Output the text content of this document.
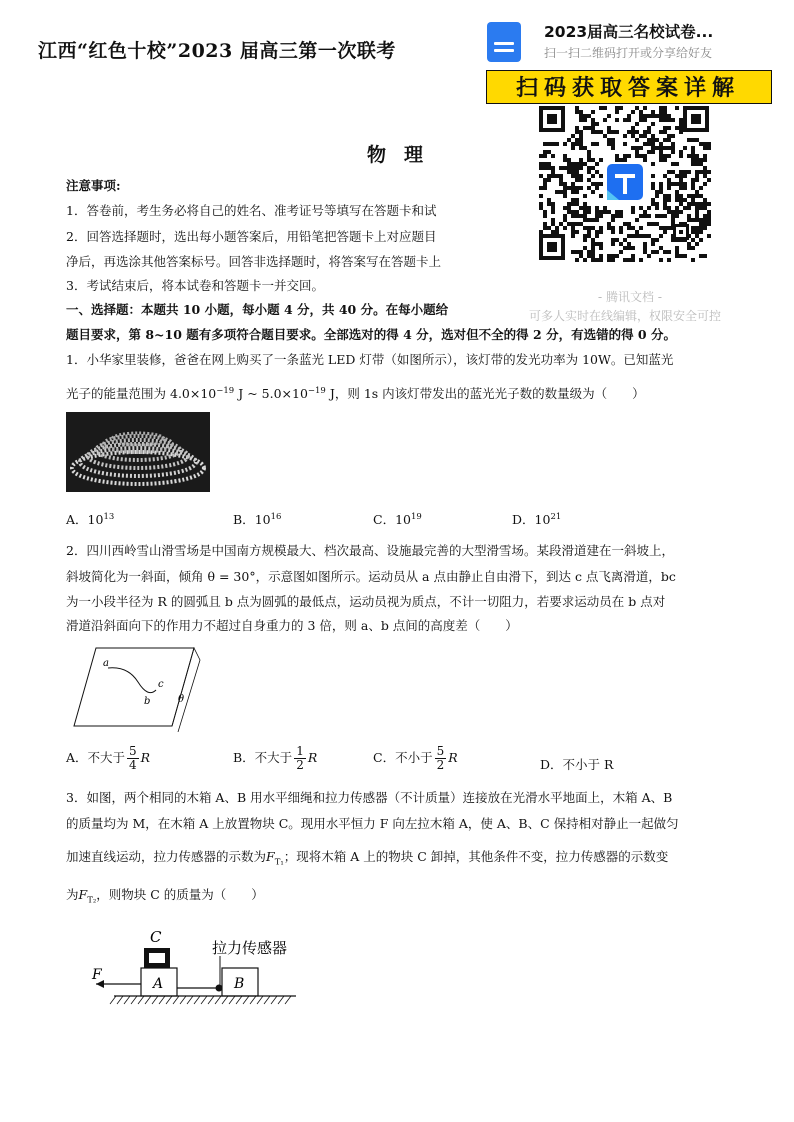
江西“红色十校”2023 届高三第一次联考
2023届高三名校试卷...
扫一扫二维码打开或分享给好友
扫码获取答案详解
- 腾讯文档 -
可多人实时在线编辑，权限安全可控
物理
注意事项:
1．答卷前，考生务必将自己的姓名、准考证号等填写在答题卡和试
2．回答选择题时，选出每小题答案后，用铅笔把答题卡上对应题目
净后，再选涂其他答案标号。回答非选择题时，将答案写在答题卡上
3．考试结束后，将本试卷和答题卡一并交回。
一、选择题：本题共 10 小题，每小题 4 分，共 40 分。在每小题给
题目要求，第 8~10 题有多项符合题目要求。全部选对的得 4 分，选对但不全的得 2 分，有选错的得 0 分。
1．小华家里装修，爸爸在网上购买了一条蓝光 LED 灯带（如图所示），该灯带的发光功率为 10W。已知蓝光
光子的能量范围为 $4.0\times 10^{-19}$ J ~ $5.0\times 10^{-19}$ J，则 1s 内该灯带发出的蓝光光子数的数量级为（　　）
A．$10^{13}$	B．$10^{16}$	C．$10^{19}$	D．$10^{21}$
2．四川西岭雪山滑雪场是中国南方规模最大、档次最高、设施最完善的大型滑雪场。某段滑道建在一斜坡上，
斜坡简化为一斜面，倾角 θ = 30°，示意图如图所示。运动员从 a 点由静止自由滑下，到达 c 点飞离滑道，bc
为一小段半径为 R 的圆弧且 b 点为圆弧的最低点，运动员视为质点，不计一切阻力，若要求运动员在 b 点对
滑道沿斜面向下的作用力不超过自身重力的 3 倍，则 a、b 点间的高度差（　　）
a
c
b	θ
A．不大于 $\frac{5}{4}$ R	B．不大于 $\frac{1}{2}$ R	C．不小于 $\frac{5}{2}$ R	D．不小于 R
3．如图，两个相同的木箱 A、B 用水平细绳和拉力传感器（不计质量）连接放在光滑水平地面上，木箱 A、B
的质量均为 M，在木箱 A 上放置物块 C。现用水平恒力 F 向左拉木箱 A，使 A、B、C 保持相对静止一起做匀
加速直线运动，拉力传感器的示数为$F_{T_1}$；现将木箱 A 上的物块 C 卸掉，其他条件不变，拉力传感器的示数变
为$F_{T_2}$，则物块 C 的质量为（　　）
C
拉力传感器
A	B
F
